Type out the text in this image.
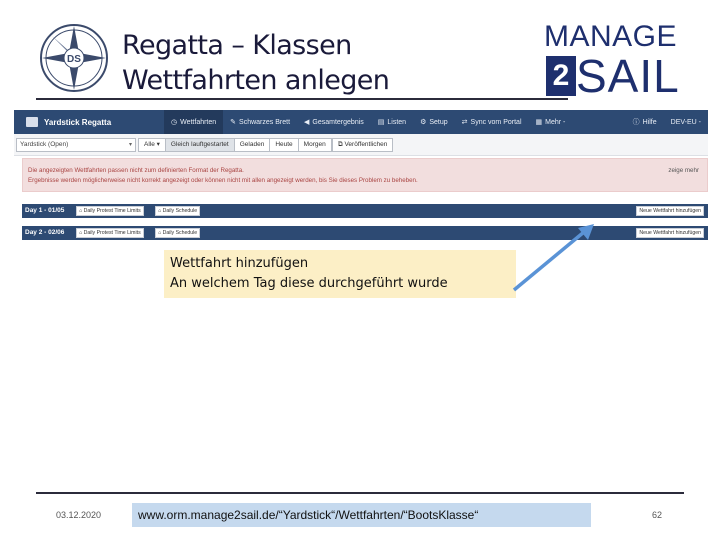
DS Regatta – Klassen
Wettfahrten anlegen
MANAGE
2 SAIL
Yardstick Regatta	◷ Wettfahrten ✎ Schwarzes Brett ◀ Gesamtergebnis ▤ Listen ⚙ Setup ⇄ Sync vom Portal ▦ Mehr -	ⓘ Hilfe DEV-EU -
Yardstick (Open)	▾	Alle ▾	Gleich lauftgestartet	Geladen	Heute	Morgen	⧉ Veröffentlichen
Die angezeigten Wettfahrten passen nicht zum definierten Format der Regatta.
Ergebnisse werden möglicherweise nicht korrekt angezeigt oder können nicht mit allen angezeigt werden, bis Sie dieses Problem zu beheben.
zeige mehr
Day 1 - 01/05	⌂ Daily Protest Time Limits	⌂ Daily Schedule	Neue Wettfahrt hinzufügen
Day 2 - 02/06	⌂ Daily Protest Time Limits	⌂ Daily Schedule	Neue Wettfahrt hinzufügen
Wettfahrt hinzufügen
An welchem Tag diese durchgeführt wurde
03.12.2020	www.orm.manage2sail.de/“Yardstick“/Wettfahrten/“BootsKlasse“	62
